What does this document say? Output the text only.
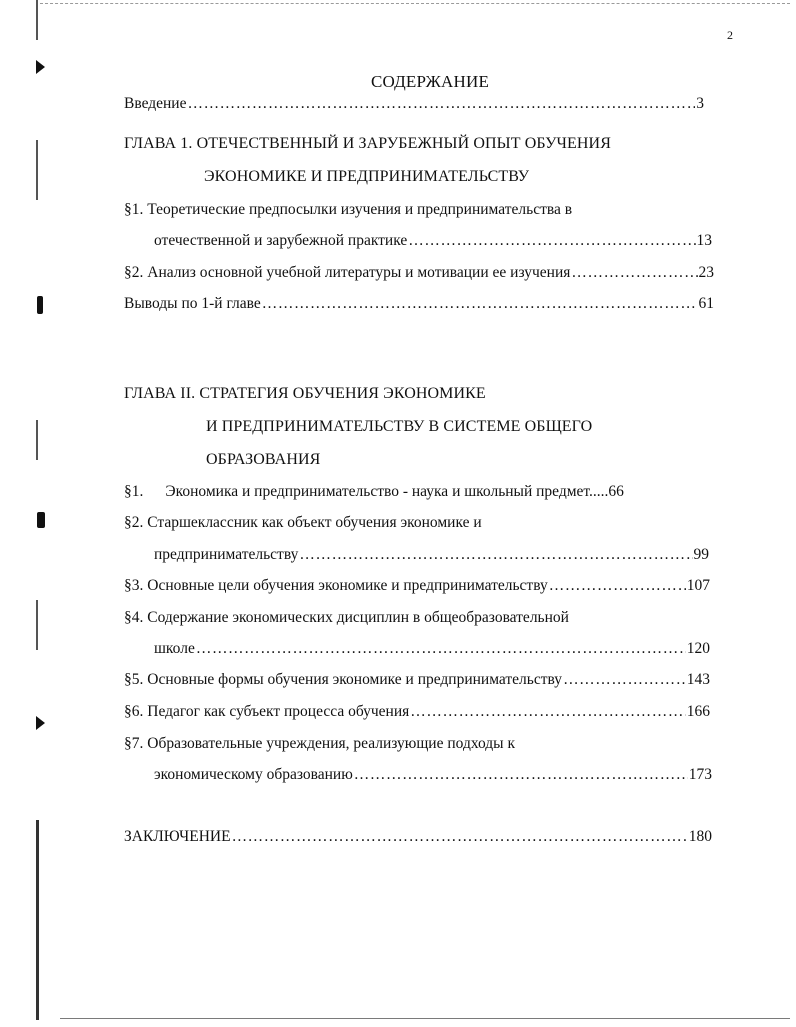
2
СОДЕРЖАНИЕ
Введение …………………………………………………………………………………………………………………………………………………………	3
ГЛАВА 1. ОТЕЧЕСТВЕННЫЙ И ЗАРУБЕЖНЫЙ ОПЫТ ОБУЧЕНИЯ
ЭКОНОМИКЕ И ПРЕДПРИНИМАТЕЛЬСТВУ
§1. Теоретические предпосылки изучения и предпринимательства в
отечественной и зарубежной практике …………………………………………………………………………………………………………………………………………………………	13
§2. Анализ основной учебной литературы и мотивации ее изучения …………………………………………………………………………………………………………………………………………………………	23
Выводы по 1-й главе …………………………………………………………………………………………………………………………………………………………	61
ГЛАВА II. СТРАТЕГИЯ ОБУЧЕНИЯ ЭКОНОМИКЕ
И ПРЕДПРИНИМАТЕЛЬСТВУ В СИСТЕМЕ ОБЩЕГО
ОБРАЗОВАНИЯ
§1. Экономика и предпринимательство - наука и школьный предмет.....66
§2. Старшеклассник как объект обучения экономике и
предпринимательству …………………………………………………………………………………………………………………………………………………………	99
§3. Основные цели обучения экономике и предпринимательству …………………………………………………………………………………………………………………………………………………………	107
§4. Содержание экономических дисциплин в общеобразовательной
школе …………………………………………………………………………………………………………………………………………………………	120
§5. Основные формы обучения экономике и предпринимательству …………………………………………………………………………………………………………………………………………………………	143
§6. Педагог как субъект процесса обучения …………………………………………………………………………………………………………………………………………………………	166
§7. Образовательные учреждения, реализующие подходы к
экономическому образованию …………………………………………………………………………………………………………………………………………………………	173
ЗАКЛЮЧЕНИЕ …………………………………………………………………………………………………………………………………………………………	180
